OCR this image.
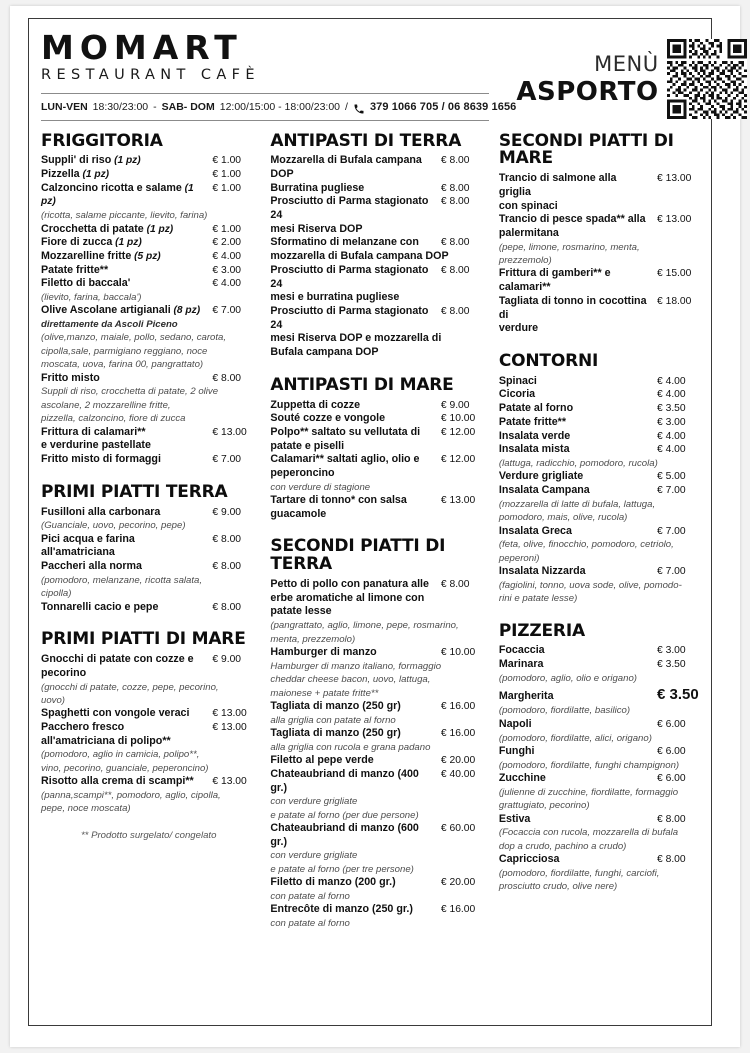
MOMART
RESTAURANT CAFÈ
LUN-VEN 18:30/23:00 - SAB- DOM 12:00/15:00 - 18:00/23:00 / 379 1066 705 / 06 8639 1656
MENÙ
ASPORTO
FRIGGITORIA
Suppli' di riso (1 pz)	€ 1.00
Pizzella (1 pz)	€ 1.00
Calzoncino ricotta e salame (1 pz)
€ 1.00
(ricotta, salame piccante, lievito, farina)
Crocchetta di patate (1 pz)	€ 1.00
Fiore di zucca (1 pz)	€ 2.00
Mozzarelline fritte (5 pz)	€ 4.00
Patate fritte**	€ 3.00
Filetto di baccala'	€ 4.00
(lievito, farina, baccala')
Olive Ascolane artigianali (8 pz) € 7.00
direttamente da Ascoli Piceno
(olive,manzo, maiale, pollo, sedano, carota,
cipolla,sale, parmigiano reggiano, noce
moscata, uova, farina 00, pangrattato)
Fritto misto	€ 8.00
Suppli di riso, crocchetta di patate, 2 olive
ascolane, 2 mozzarelline fritte,
pizzella, calzoncino, fiore di zucca
Frittura di calamari**	€ 13.00
e verdurine pastellate
Fritto misto di formaggi	€ 7.00
PRIMI PIATTI TERRA
Fusilloni alla carbonara	€ 9.00
(Guanciale, uovo, pecorino, pepe)
Pici acqua e farina all'amatriciana
€ 8.00
Paccheri alla norma	€ 8.00
(pomodoro, melanzane, ricotta salata,
cipolla)
Tonnarelli cacio e pepe	€ 8.00
PRIMI PIATTI DI MARE
Gnocchi di patate con cozze e € 9.00
pecorino
(gnocchi di patate, cozze, pepe, pecorino,
uovo)
Spaghetti con vongole veraci € 13.00
Pacchero fresco	€ 13.00
all'amatriciana di polipo**
(pomodoro, aglio in camicia, polipo**,
vino, pecorino, guanciale, peperoncino)
Risotto alla crema di scampi** € 13.00
(panna,scampi**, pomodoro, aglio, cipolla,
pepe, noce moscata)
** Prodotto surgelato/ congelato
ANTIPASTI DI TERRA
Mozzarella di Bufala campana DOP
€ 8.00
Burratina pugliese	€ 8.00
Prosciutto di Parma stagionato 24
€ 8.00
mesi Riserva DOP
Sformatino di melanzane con € 8.00
mozzarella di Bufala campana DOP
Prosciutto di Parma stagionato 24
€ 8.00
mesi e burratina pugliese
Prosciutto di Parma stagionato 24
€ 8.00
mesi Riserva DOP e mozzarella di
Bufala campana DOP
ANTIPASTI DI MARE
Zuppetta di cozze	€ 9.00
Souté cozze e vongole	€ 10.00
Polpo** saltato su vellutata di € 12.00
patate e piselli
Calamari** saltati aglio, olio e € 12.00
peperoncino
con verdure di stagione
Tartare di tonno* con salsa	€ 13.00
guacamole
SECONDI PIATTI DI TERRA
Petto di pollo con panatura alle € 8.00
erbe aromatiche al limone con
patate lesse
(pangrattato, aglio, limone, pepe, rosmarino,
menta, prezzemolo)
Hamburger di manzo	€ 10.00
Hamburger di manzo italiano, formaggio
cheddar cheese bacon, uovo, lattuga,
maionese + patate fritte**
Tagliata di manzo (250 gr)	€ 16.00
alla griglia con patate al forno
Tagliata di manzo (250 gr)	€ 16.00
alla griglia con rucola e grana padano
Filetto al pepe verde	€ 20.00
Chateaubriand di manzo (400 gr.)
€ 40.00
con verdure grigliate
e patate al forno (per due persone)
Chateaubriand di manzo (600 gr.)
€ 60.00
con verdure grigliate
e patate al forno (per tre persone)
Filetto di manzo (200 gr.)	€ 20.00
con patate al forno
Entrecôte di manzo (250 gr.)	€ 16.00
con patate al forno
SECONDI PIATTI DI MARE
Trancio di salmone alla griglia
€ 13.00
con spinaci
Trancio di pesce spada** alla € 13.00
palermitana
(pepe, limone, rosmarino, menta,
prezzemolo)
Frittura di gamberi** e calamari**
€ 15.00
Tagliata di tonno in cocottina di
€ 18.00
verdure
CONTORNI
Spinaci	€ 4.00
Cicoria	€ 4.00
Patate al forno	€ 3.50
Patate fritte**	€ 3.00
Insalata verde	€ 4.00
Insalata mista	€ 4.00
(lattuga, radicchio, pomodoro, rucola)
Verdure grigliate	€ 5.00
Insalata Campana	€ 7.00
(mozzarella di latte di bufala, lattuga,
pomodoro, mais, olive, rucola)
Insalata Greca	€ 7.00
(feta, olive, finocchio, pomodoro, cetriolo,
peperoni)
Insalata Nizzarda	€ 7.00
(fagiolini, tonno, uova sode, olive, pomodo-
rini e patate lesse)
PIZZERIA
Focaccia	€ 3.00
Marinara	€ 3.50
(pomodoro, aglio, olio e origano)
Margherita	€ 3.50
(pomodoro, fiordilatte, basilico)
Napoli	€ 6.00
(pomodoro, fiordilatte, alici, origano)
Funghi	€ 6.00
(pomodoro, fiordilatte, funghi champignon)
Zucchine	€ 6.00
(julienne di zucchine, fiordilatte, formaggio
grattugiato, pecorino)
Estiva	€ 8.00
(Focaccia con rucola, mozzarella di bufala
dop a crudo, pachino a crudo)
Capricciosa	€ 8.00
(pomodoro, fiordilatte, funghi, carciofi,
prosciutto crudo, olive nere)
